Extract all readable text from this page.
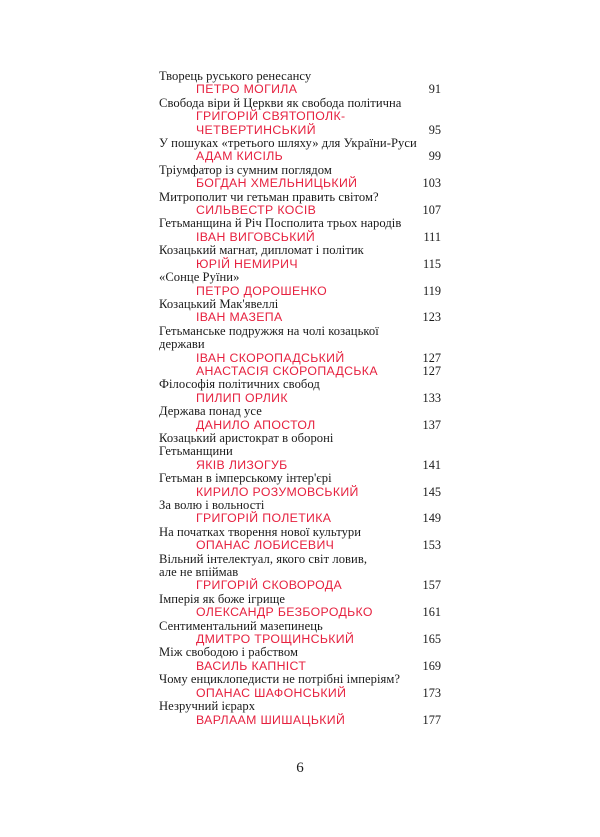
Творець руського ренесансу
ПЕТРО МОГИЛА	91
Свобода віри й Церкви як свобода політична
ГРИГОРІЙ СВЯТОПОЛК-
ЧЕТВЕРТИНСЬКИЙ	95
У пошуках «третього шляху» для України-Руси
АДАМ КИСІЛЬ	99
Тріумфатор із сумним поглядом
БОГДАН ХМЕЛЬНИЦЬКИЙ	103
Митрополит чи гетьман править світом?
СИЛЬВЕСТР КОСІВ	107
Гетьманщина й Річ Посполита трьох народів
ІВАН ВИГОВСЬКИЙ	111
Козацький магнат, дипломат і політик
ЮРІЙ НЕМИРИЧ	115
«Сонце Руїни»
ПЕТРО ДОРОШЕНКО	119
Козацький Мак'явеллі
ІВАН МАЗЕПА	123
Гетьманське подружжя на чолі козацької
держави
ІВАН СКОРОПАДСЬКИЙ	127
АНАСТАСІЯ СКОРОПАДСЬКА	127
Філософія політичних свобод
ПИЛИП ОРЛИК	133
Держава понад усе
ДАНИЛО АПОСТОЛ	137
Козацький аристократ в обороні
Гетьманщини
ЯКІВ ЛИЗОГУБ	141
Гетьман в імперському інтер'єрі
КИРИЛО РОЗУМОВСЬКИЙ	145
За волю і вольності
ГРИГОРІЙ ПОЛЕТИКА	149
На початках творення нової культури
ОПАНАС ЛОБИСЕВИЧ	153
Вільний інтелектуал, якого світ ловив,
але не впіймав
ГРИГОРІЙ СКОВОРОДА	157
Імперія як боже ігрище
ОЛЕКСАНДР БЕЗБОРОДЬКО	161
Сентиментальний мазепинець
ДМИТРО ТРОЩИНСЬКИЙ	165
Між свободою і рабством
ВАСИЛЬ КАПНІСТ	169
Чому енциклопедисти не потрібні імперіям?
ОПАНАС ШАФОНСЬКИЙ	173
Незручний ієрарх
ВАРЛААМ ШИШАЦЬКИЙ	177
6
